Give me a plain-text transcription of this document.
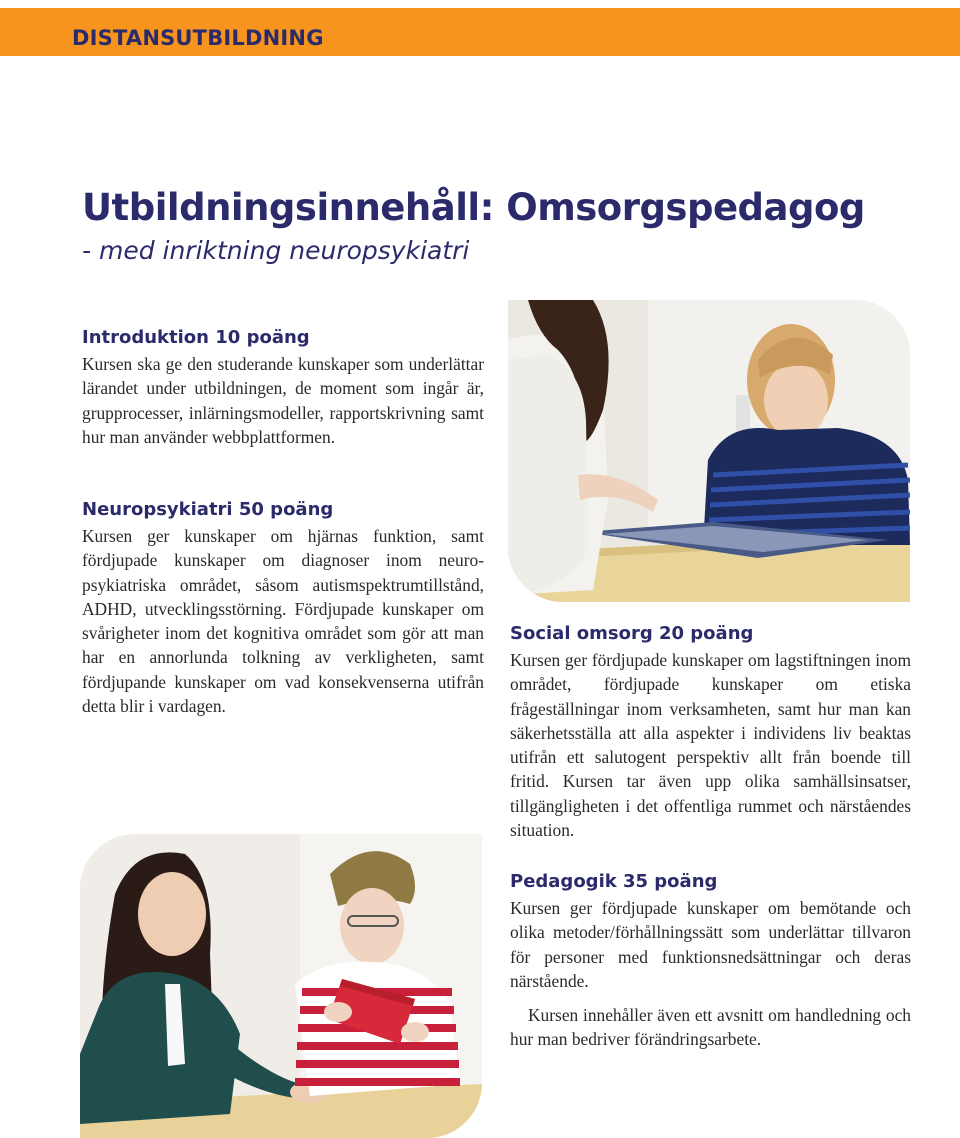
DISTANSUTBILDNING
Utbildningsinnehåll: Omsorgspedagog
- med inriktning neuropsykiatri
Introduktion 10 poäng

Kursen ska ge den studerande kunskaper som underlättar lärandet under utbildningen, de moment som ingår är, grupprocesser, inlärningsmodeller, rapportskrivning samt hur man använder webbplattformen.

Neuropsykiatri 50 poäng

Kursen ger kunskaper om hjärnas funktion, samt fördjupade kunskaper om diagnoser inom neuropsykiatriska området, såsom autismspektrumtillstånd, ADHD, utvecklingsstörning. Fördjupade kunskaper om svårigheter inom det kognitiva området som gör att man har en annorlunda tolkning av verkligheten, samt fördjupande kunskaper om vad konsekvenserna utifrån detta blir i vardagen.

Social omsorg 20 poäng

Kursen ger fördjupade kunskaper om lagstiftningen inom området, fördjupade kunskaper om etiska frågeställningar inom verksamheten, samt hur man kan säkerhetsställa att alla aspekter i individens liv beaktas utifrån ett salutogent perspektiv allt från boende till fritid. Kursen tar även upp olika samhällsinsatser, tillgängligheten i det offentliga rummet och närståendes situation.

Pedagogik 35 poäng

Kursen ger fördjupade kunskaper om bemötande och olika metoder/förhållningssätt som underlättar tillvaron för personer med funktionsnedsättningar och deras närstående.

Kursen innehåller även ett avsnitt om handledning och hur man bedriver förändringsarbete.
